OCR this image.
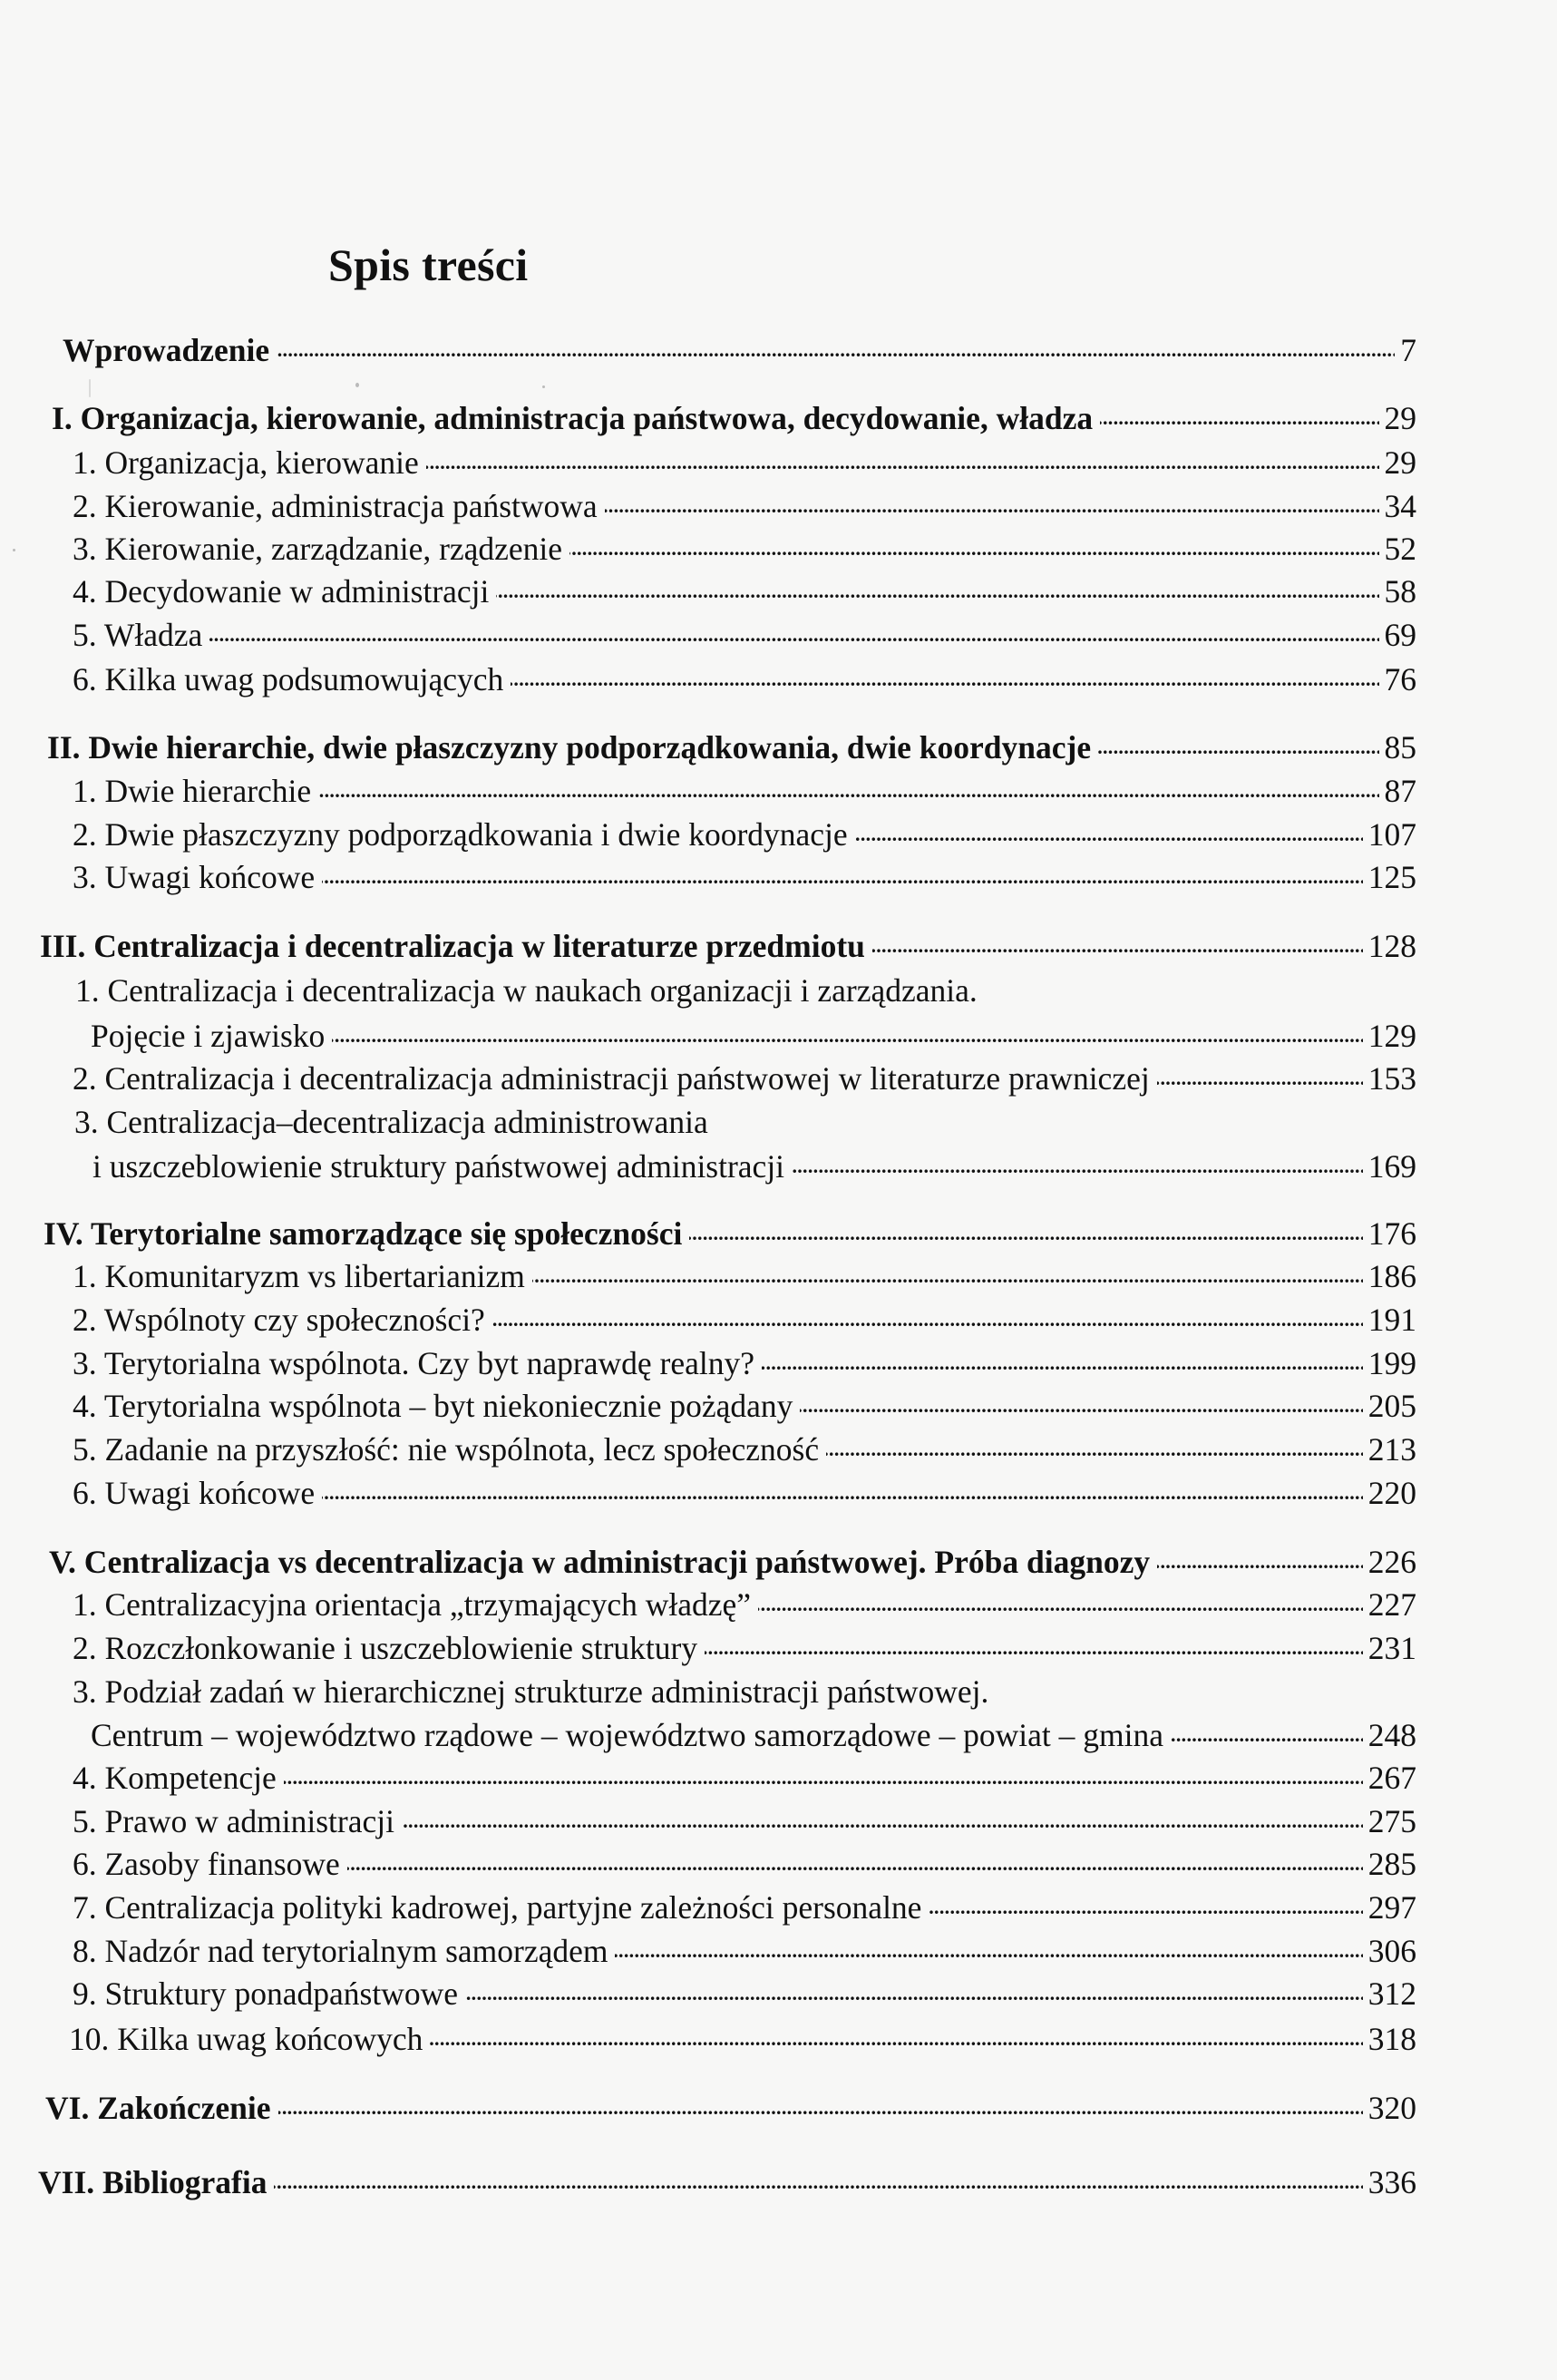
Spis treści
Wprowadzenie . . .	7
I. Organizacja, kierowanie, administracja państwowa, decydowanie, władza . . .	29
1. Organizacja, kierowanie . . .	29
2. Kierowanie, administracja państwowa . . .	34
3. Kierowanie, zarządzanie, rządzenie . . .	52
4. Decydowanie w administracji . . .	58
5. Władza . . .	69
6. Kilka uwag podsumowujących . . .	76
II. Dwie hierarchie, dwie płaszczyzny podporządkowania, dwie koordynacje . . .	85
1. Dwie hierarchie . . .	87
2. Dwie płaszczyzny podporządkowania i dwie koordynacje . . .	107
3. Uwagi końcowe . . .	125
III. Centralizacja i decentralizacja w literaturze przedmiotu . . .	128
1. Centralizacja i decentralizacja w naukach organizacji i zarządzania.
Pojęcie i zjawisko . . .	129
2. Centralizacja i decentralizacja administracji państwowej w literaturze prawniczej . . .	153
3. Centralizacja–decentralizacja administrowania
i uszczeblowienie struktury państwowej administracji . . .	169
IV. Terytorialne samorządzące się społeczności . . .	176
1. Komunitaryzm vs libertarianizm . . .	186
2. Wspólnoty czy społeczności? . . .	191
3. Terytorialna wspólnota. Czy byt naprawdę realny? . . .	199
4. Terytorialna wspólnota – byt niekoniecznie pożądany . . .	205
5. Zadanie na przyszłość: nie wspólnota, lecz społeczność . . .	213
6. Uwagi końcowe . . .	220
V. Centralizacja vs decentralizacja w administracji państwowej. Próba diagnozy . . .	226
1. Centralizacyjna orientacja „trzymających władzę” . . .	227
2. Rozczłonkowanie i uszczeblowienie struktury . . .	231
3. Podział zadań w hierarchicznej strukturze administracji państwowej.
Centrum – województwo rządowe – województwo samorządowe – powiat – gmina . . .	248
4. Kompetencje . . .	267
5. Prawo w administracji . . .	275
6. Zasoby finansowe . . .	285
7. Centralizacja polityki kadrowej, partyjne zależności personalne . . .	297
8. Nadzór nad terytorialnym samorządem . . .	306
9. Struktury ponadpaństwowe . . .	312
10. Kilka uwag końcowych . . .	318
VI. Zakończenie . . .	320
VII. Bibliografia . . .	336
